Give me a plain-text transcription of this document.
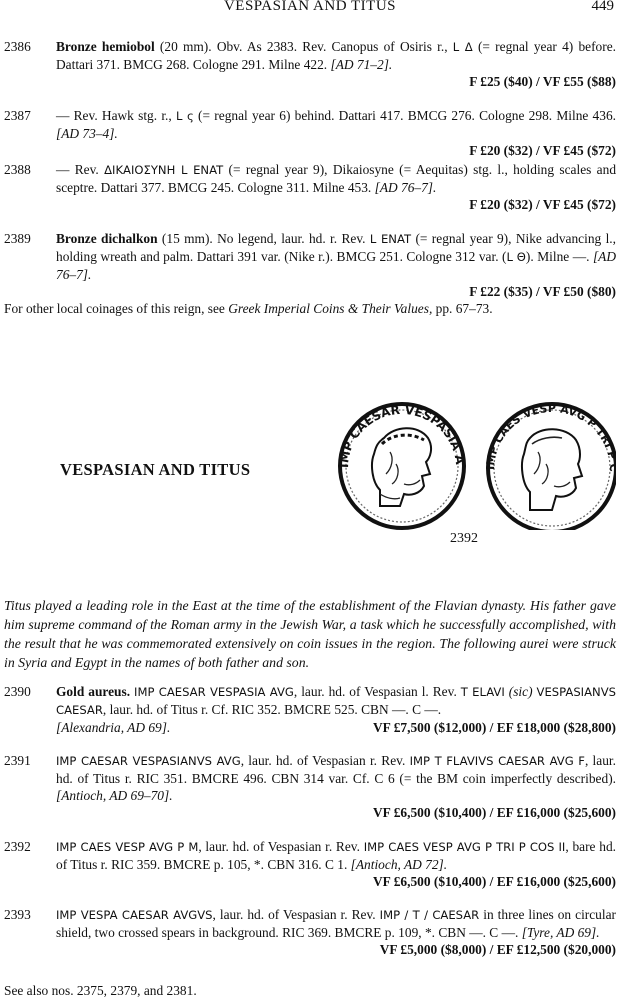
VESPASIAN AND TITUS	449
2386	Bronze hemiobol (20 mm). Obv. As 2383. Rev. Canopus of Osiris r., L Δ (= regnal year 4) before. Dattari 371. BMCG 268. Cologne 291. Milne 422. [AD 71–2].

F £25 ($40) / VF £55 ($88)

2387	— Rev. Hawk stg. r., L ς (= regnal year 6) behind. Dattari 417. BMCG 276. Cologne 298. Milne 436. [AD 73–4].

F £20 ($32) / VF £45 ($72)

2388	— Rev. ΔΙΚΑΙΟΣΥΝΗ L ENAT (= regnal year 9), Dikaiosyne (= Aequitas) stg. l., holding scales and sceptre. Dattari 377. BMCG 245. Cologne 311. Milne 453. [AD 76–7].

F £20 ($32) / VF £45 ($72)

2389	Bronze dichalkon (15 mm). No legend, laur. hd. r. Rev. L ENAT (= regnal year 9), Nike advancing l., holding wreath and palm. Dattari 391 var. (Nike r.). BMCG 251. Cologne 312 var. (L Θ). Milne —. [AD 76–7].

F £22 ($35) / VF £50 ($80)

For other local coinages of this reign, see Greek Imperial Coins & Their Values, pp. 67–73.
VESPASIAN AND TITUS	IMP CAESAR VESPASIA A
IMP CAES VESP AVG P TRI
2392
Titus played a leading role in the East at the time of the establishment of the Flavian dynasty. His father gave him supreme command of the Roman army in the Jewish War, a task which he successfully accomplished, with the result that he was commemorated extensively on coin issues in the region. The following aurei were struck in Syria and Egypt in the names of both father and son.
2390	Gold aureus. IMP CAESAR VESPASIA AVG, laur. hd. of Vespasian l. Rev. T ELAVI (sic) VESPASIANVS CAESAR, laur. hd. of Titus r. Cf. RIC 352. BMCRE 525. CBN —. C —.

[Alexandria, AD 69].	VF £7,500 ($12,000) / EF £18,000 ($28,800)
2391	IMP CAESAR VESPASIANVS AVG, laur. hd. of Vespasian r. Rev. IMP T FLAVIVS CAESAR AVG F, laur. hd. of Titus r. RIC 351. BMCRE 496. CBN 314 var. Cf. C 6 (= the BM coin imperfectly described). [Antioch, AD 69–70].

VF £6,500 ($10,400) / EF £16,000 ($25,600)

2392	IMP CAES VESP AVG P M, laur. hd. of Vespasian r. Rev. IMP CAES VESP AVG P TRI P COS II, bare hd. of Titus r. RIC 359. BMCRE p. 105, *. CBN 316. C 1. [Antioch, AD 72].

VF £6,500 ($10,400) / EF £16,000 ($25,600)

2393	IMP VESPA CAESAR AVGVS, laur. hd. of Vespasian r. Rev. IMP / T / CAESAR in three lines on circular shield, two crossed spears in background. RIC 369. BMCRE p. 109, *. CBN —. C —. [Tyre, AD 69].

VF £5,000 ($8,000) / EF £12,500 ($20,000)

See also nos. 2375, 2379, and 2381.
